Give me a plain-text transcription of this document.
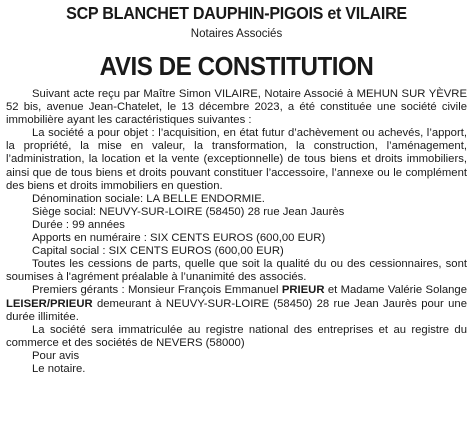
SCP BLANCHET DAUPHIN-PIGOIS et VILAIRE
Notaires Associés
AVIS DE CONSTITUTION

Suivant acte reçu par Maître Simon VILAIRE, Notaire Associé à MEHUN SUR YÈVRE 52 bis, avenue Jean-Chatelet, le 13 décembre 2023, a été constituée une société civile immobilière ayant les caractéristiques suivantes :

La société a pour objet : l’acquisition, en état futur d’achèvement ou achevés, l’apport, la propriété, la mise en valeur, la transformation, la construction, l’aménagement, l’administration, la location et la vente (exceptionnelle) de tous biens et droits immobiliers, ainsi que de tous biens et droits pouvant constituer l’accessoire, l’annexe ou le complément des biens et droits immobiliers en question.

Dénomination sociale: LA BELLE ENDORMIE.

Siège social: NEUVY-SUR-LOIRE (58450) 28 rue Jean Jaurès

Durée : 99 années

Apports en numéraire : SIX CENTS EUROS (600,00 EUR)

Capital social : SIX CENTS EUROS (600,00 EUR)

Toutes les cessions de parts, quelle que soit la qualité du ou des cessionnaires, sont soumises à l'agrément préalable à l’unanimité des associés.

Premiers gérants : Monsieur François Emmanuel PRIEUR et Madame Valérie Solange LEISER/PRIEUR demeurant à NEUVY-SUR-LOIRE (58450) 28 rue Jean Jaurès pour une durée illimitée.

La société sera immatriculée au registre national des entreprises et au registre du commerce et des sociétés de NEVERS (58000)

Pour avis

Le notaire.
